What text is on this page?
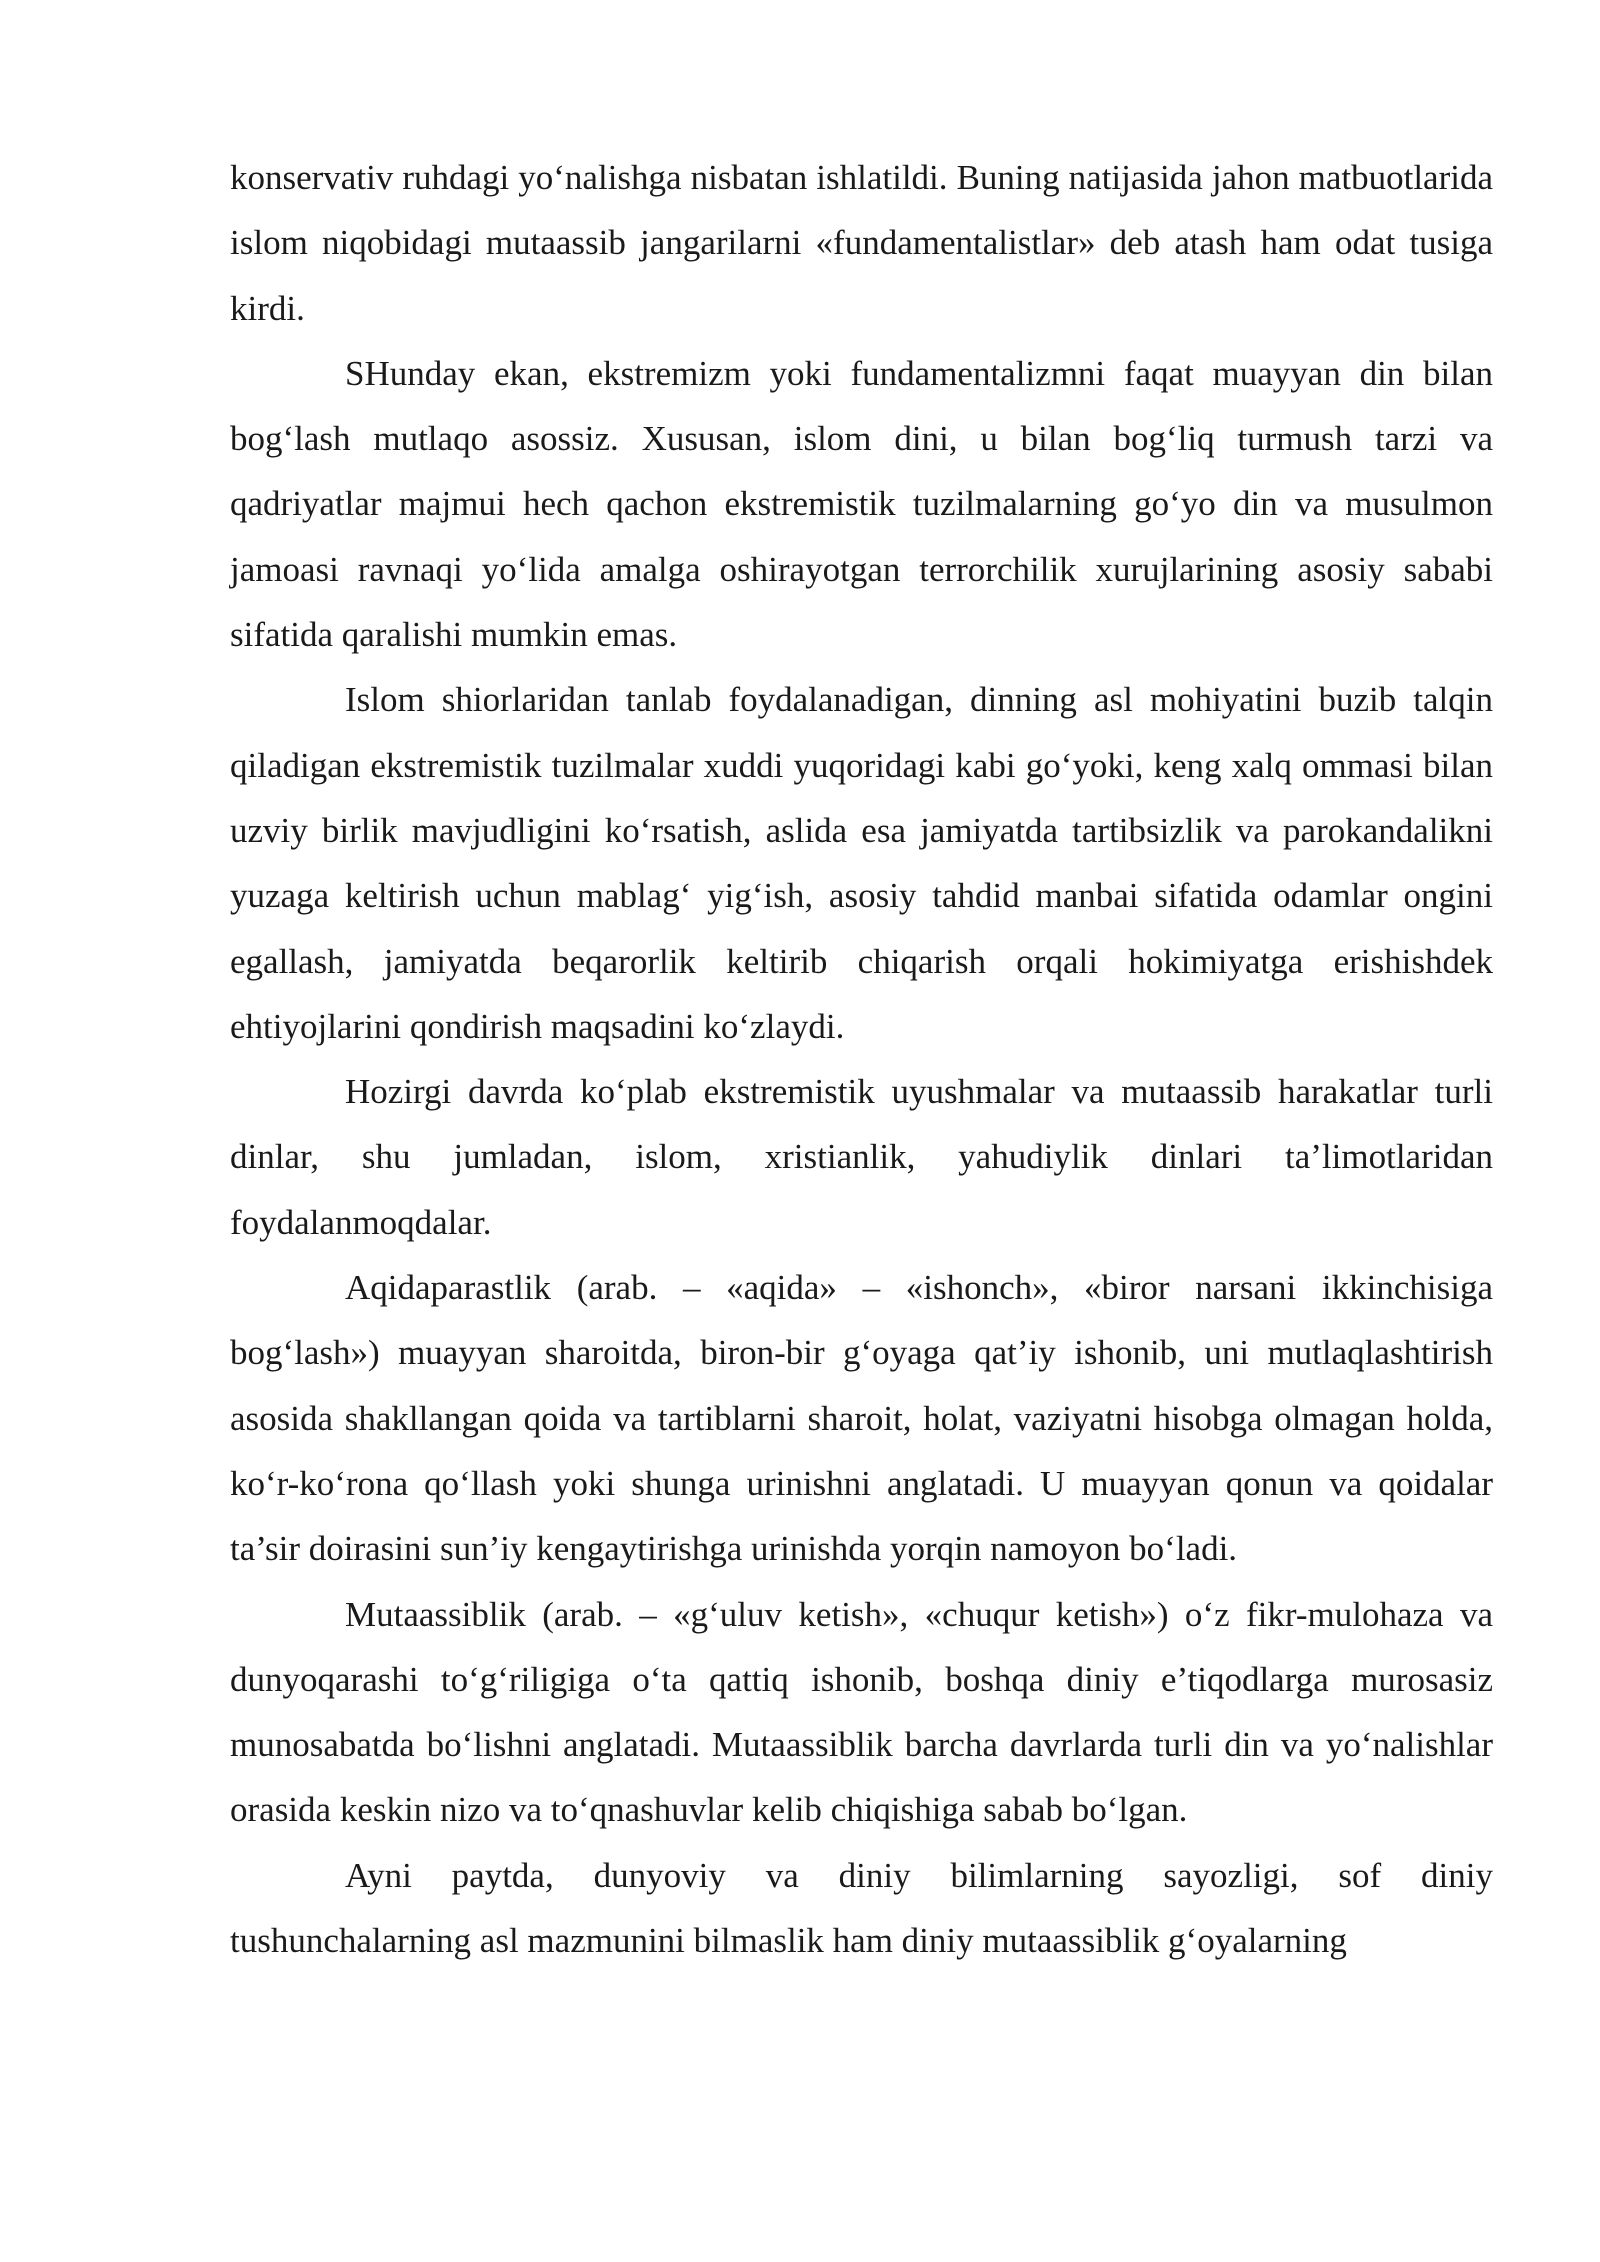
konservativ ruhdagi yo‘nalishga nisbatan ishlatildi. Buning natijasida jahon matbuotlarida islom niqobidagi mutaassib jangarilarni «fundamentalistlar» deb atash ham odat tusiga kirdi.

SHunday ekan, ekstremizm yoki fundamentalizmni faqat muayyan din bilan bog‘lash mutlaqo asossiz. Xususan, islom dini, u bilan bog‘liq turmush tarzi va qadriyatlar majmui hech qachon ekstremistik tuzilmalarning go‘yo din va musulmon jamoasi ravnaqi yo‘lida amalga oshirayotgan terrorchilik xurujlarining asosiy sababi sifatida qaralishi mumkin emas.

Islom shiorlaridan tanlab foydalanadigan, dinning asl mohiyatini buzib talqin qiladigan ekstremistik tuzilmalar xuddi yuqoridagi kabi go‘yoki, keng xalq ommasi bilan uzviy birlik mavjudligini ko‘rsatish, aslida esa jamiyatda tartibsizlik va parokandalikni yuzaga keltirish uchun mablag‘ yig‘ish, asosiy tahdid manbai sifatida odamlar ongini egallash, jamiyatda beqarorlik keltirib chiqarish orqali hokimiyatga erishishdek ehtiyojlarini qondirish maqsadini ko‘zlaydi.

Hozirgi davrda ko‘plab ekstremistik uyushmalar va mutaassib harakatlar turli dinlar, shu jumladan, islom, xristianlik, yahudiylik dinlari ta’limotlaridan foydalanmoqdalar.

Aqidaparastlik (arab. – «aqida» – «ishonch», «biror narsani ikkinchisiga bog‘lash») muayyan sharoitda, biron-bir g‘oyaga qat’iy ishonib, uni mutlaqlashtirish asosida shakllangan qoida va tartiblarni sharoit, holat, vaziyatni hisobga olmagan holda, ko‘r-ko‘rona qo‘llash yoki shunga urinishni anglatadi. U muayyan qonun va qoidalar ta’sir doirasini sun’iy kengaytirishga urinishda yorqin namoyon bo‘ladi.

Mutaassiblik (arab. – «g‘uluv ketish», «chuqur ketish») o‘z fikr-mulohaza va dunyoqarashi to‘g‘riligiga o‘ta qattiq ishonib, boshqa diniy e’tiqodlarga murosasiz munosabatda bo‘lishni anglatadi. Mutaassiblik barcha davrlarda turli din va yo‘nalishlar orasida keskin nizo va to‘qnashuvlar kelib chiqishiga sabab bo‘lgan.

Ayni paytda, dunyoviy va diniy bilimlarning sayozligi, sof diniy tushunchalarning asl mazmunini bilmaslik ham diniy mutaassiblik g‘oyalarning
